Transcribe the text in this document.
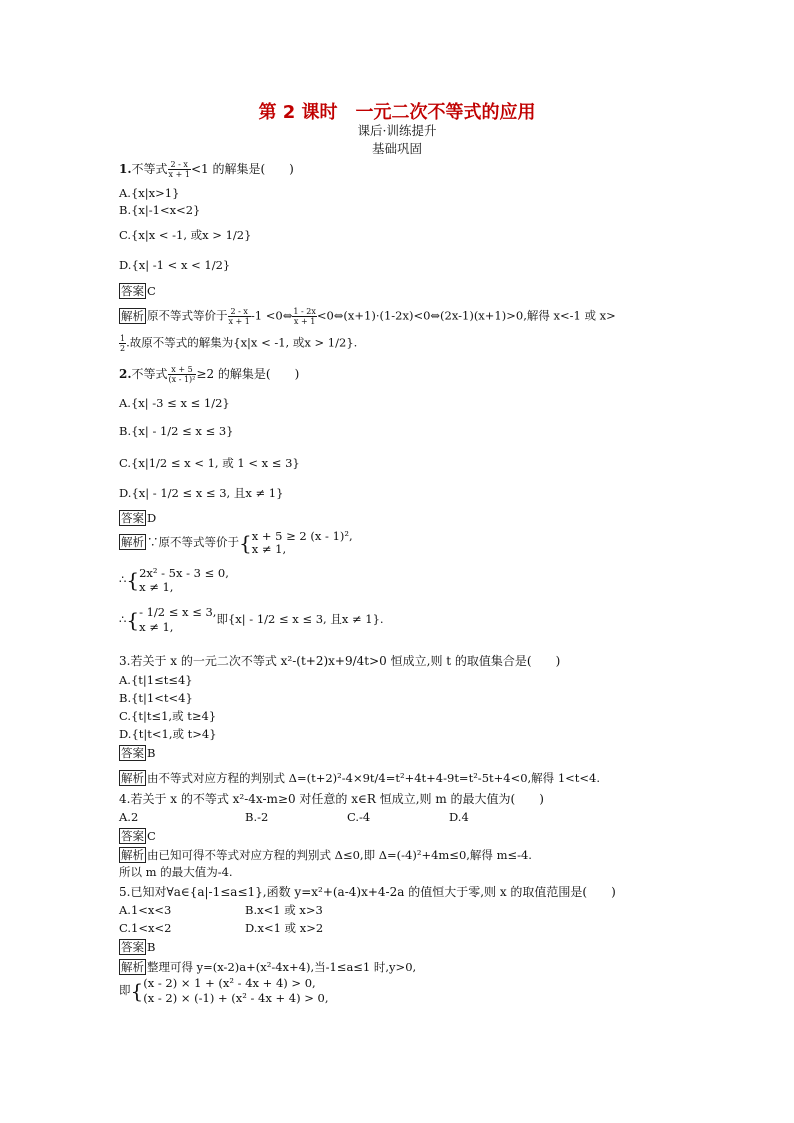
第 2 课时　一元二次不等式的应用
课后·训练提升
基础巩固
1.不等式 $\frac{2 - x}{x + 1} <1$ 的解集是(　　)
A.{x|x>1}
B.{x|-1<x<2}
C.{x|x < -1, 或x > 1/2}
D.{x| -1 < x < 1/2}
答案 C
解析 原不等式等价于 $\frac{2 - x}{x + 1} -1$ <0⇔ $\frac{1 - 2x}{x + 1}$ <0⇔(x+1)·(1-2x)<0⇔(2x-1)(x+1)>0,解得 x<-1 或 x>
$\frac{1}{2}$ .故原不等式的解集为{x|x < -1, 或x > 1/2}.
2.不等式 $\frac{x + 5}{\text{(x - 1)²}} \ge 2$ 的解集是(　　)
A.{x| -3 ≤ x ≤ 1/2}
B.{x| - 1/2 ≤ x ≤ 3}
C.{x|1/2 ≤ x < 1, 或 1 < x ≤ 3}
D.{x| - 1/2 ≤ x ≤ 3, 且x ≠ 1}
答案 D
解析 ∵原不等式等价于{ x + 5 ≥ 2 (x - 1)²,
x ≠ 1,
∴{ 2x² - 5x - 3 ≤ 0,
x ≠ 1,
∴{ - 1/2 ≤ x ≤ 3,
x ≠ 1,
即{x| - 1/2 ≤ x ≤ 3, 且x ≠ 1}.
3.若关于 x 的一元二次不等式 x²-(t+2)x+9/4t>0 恒成立,则 t 的取值集合是(　　)
A.{t|1≤t≤4}
B.{t|1<t<4}
C.{t|t≤1,或 t≥4}
D.{t|t<1,或 t>4}
答案 B
解析 由不等式对应方程的判别式 Δ=(t+2)²-4×9t/4=t²+4t+4-9t=t²-5t+4<0,解得 1<t<4.
4.若关于 x 的不等式 x²-4x-m≥0 对任意的 x∈R 恒成立,则 m 的最大值为(　　)
A.2	B.-2	C.-4	D.4
答案 C
解析 由已知可得不等式对应方程的判别式 Δ≤0,即 Δ=(-4)²+4m≤0,解得 m≤-4.
所以 m 的最大值为-4.
5.已知对∀a∈{a|-1≤a≤1},函数 y=x²+(a-4)x+4-2a 的值恒大于零,则 x 的取值范围是(　　)
A.1<x<3	B.x<1 或 x>3
C.1<x<2	D.x<1 或 x>2
答案 B
解析 整理可得 y=(x-2)a+(x²-4x+4),当-1≤a≤1 时,y>0,
即{ (x - 2) × 1 + (x² - 4x + 4) > 0,
(x - 2) × (-1) + (x² - 4x + 4) > 0,
